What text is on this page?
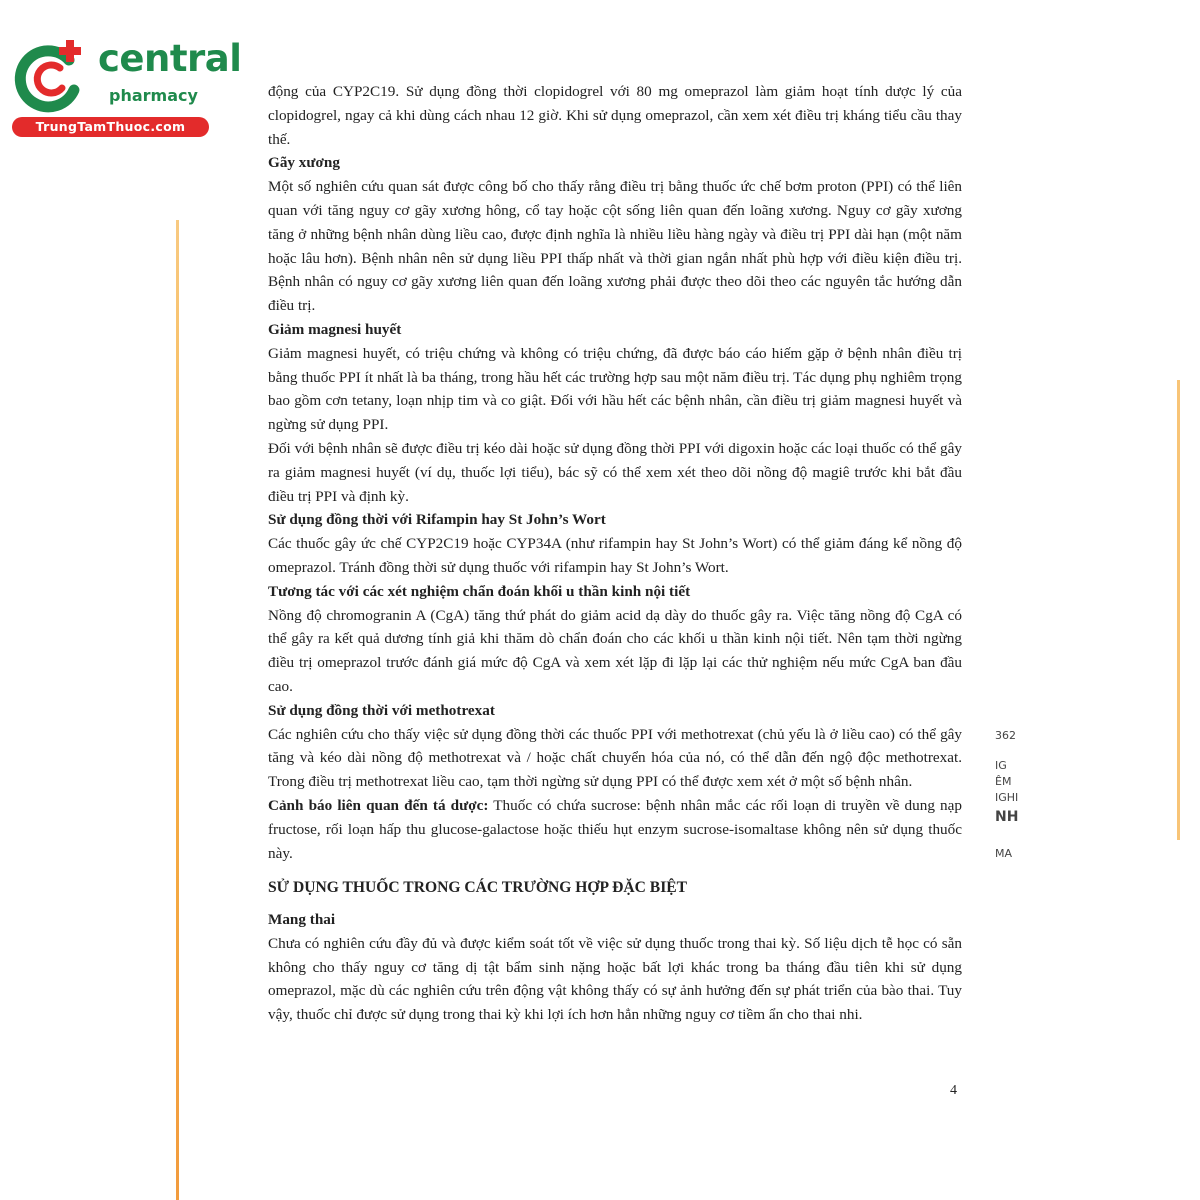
central
pharmacy
TrungTamThuoc.com

động của CYP2C19. Sử dụng đồng thời clopidogrel với 80 mg omeprazol làm giảm hoạt tính dược lý của clopidogrel, ngay cả khi dùng cách nhau 12 giờ. Khi sử dụng omeprazol, cần xem xét điều trị kháng tiểu cầu thay thế.

Gãy xương

Một số nghiên cứu quan sát được công bố cho thấy rằng điều trị bằng thuốc ức chế bơm proton (PPI) có thể liên quan với tăng nguy cơ gãy xương hông, cổ tay hoặc cột sống liên quan đến loãng xương. Nguy cơ gãy xương tăng ở những bệnh nhân dùng liều cao, được định nghĩa là nhiều liều hàng ngày và điều trị PPI dài hạn (một năm hoặc lâu hơn). Bệnh nhân nên sử dụng liều PPI thấp nhất và thời gian ngắn nhất phù hợp với điều kiện điều trị. Bệnh nhân có nguy cơ gãy xương liên quan đến loãng xương phải được theo dõi theo các nguyên tắc hướng dẫn điều trị.

Giảm magnesi huyết

Giảm magnesi huyết, có triệu chứng và không có triệu chứng, đã được báo cáo hiếm gặp ở bệnh nhân điều trị bằng thuốc PPI ít nhất là ba tháng, trong hầu hết các trường hợp sau một năm điều trị. Tác dụng phụ nghiêm trọng bao gồm cơn tetany, loạn nhịp tim và co giật. Đối với hầu hết các bệnh nhân, cần điều trị giảm magnesi huyết và ngừng sử dụng PPI.

Đối với bệnh nhân sẽ được điều trị kéo dài hoặc sử dụng đồng thời PPI với digoxin hoặc các loại thuốc có thể gây ra giảm magnesi huyết (ví dụ, thuốc lợi tiểu), bác sỹ có thể xem xét theo dõi nồng độ magiê trước khi bắt đầu điều trị PPI và định kỳ.

Sử dụng đồng thời với Rifampin hay St John’s Wort

Các thuốc gây ức chế CYP2C19 hoặc CYP34A (như rifampin hay St John’s Wort) có thể giảm đáng kể nồng độ omeprazol. Tránh đồng thời sử dụng thuốc với rifampin hay St John’s Wort.

Tương tác với các xét nghiệm chẩn đoán khối u thần kinh nội tiết

Nồng độ chromogranin A (CgA) tăng thứ phát do giảm acid dạ dày do thuốc gây ra. Việc tăng nồng độ CgA có thể gây ra kết quả dương tính giả khi thăm dò chẩn đoán cho các khối u thần kinh nội tiết. Nên tạm thời ngừng điều trị omeprazol trước đánh giá mức độ CgA và xem xét lặp đi lặp lại các thử nghiệm nếu mức CgA ban đầu cao.

Sử dụng đồng thời với methotrexat

Các nghiên cứu cho thấy việc sử dụng đồng thời các thuốc PPI với methotrexat (chủ yếu là ở liều cao) có thể gây tăng và kéo dài nồng độ methotrexat và / hoặc chất chuyển hóa của nó, có thể dẫn đến ngộ độc methotrexat. Trong điều trị methotrexat liều cao, tạm thời ngừng sử dụng PPI có thể được xem xét ở một số bệnh nhân.

Cảnh báo liên quan đến tá dược: Thuốc có chứa sucrose: bệnh nhân mắc các rối loạn di truyền về dung nạp fructose, rối loạn hấp thu glucose-galactose hoặc thiếu hụt enzym sucrose-isomaltase không nên sử dụng thuốc này.

SỬ DỤNG THUỐC TRONG CÁC TRƯỜNG HỢP ĐẶC BIỆT
Mang thai

Chưa có nghiên cứu đầy đủ và được kiểm soát tốt về việc sử dụng thuốc trong thai kỳ. Số liệu dịch tễ học có sẵn không cho thấy nguy cơ tăng dị tật bẩm sinh nặng hoặc bất lợi khác trong ba tháng đầu tiên khi sử dụng omeprazol, mặc dù các nghiên cứu trên động vật không thấy có sự ảnh hưởng đến sự phát triển của bào thai. Tuy vậy, thuốc chỉ được sử dụng trong thai kỳ khi lợi ích hơn hẳn những nguy cơ tiềm ẩn cho thai nhi.

362
IG
ÊM
IGHI
NH
MA
4
